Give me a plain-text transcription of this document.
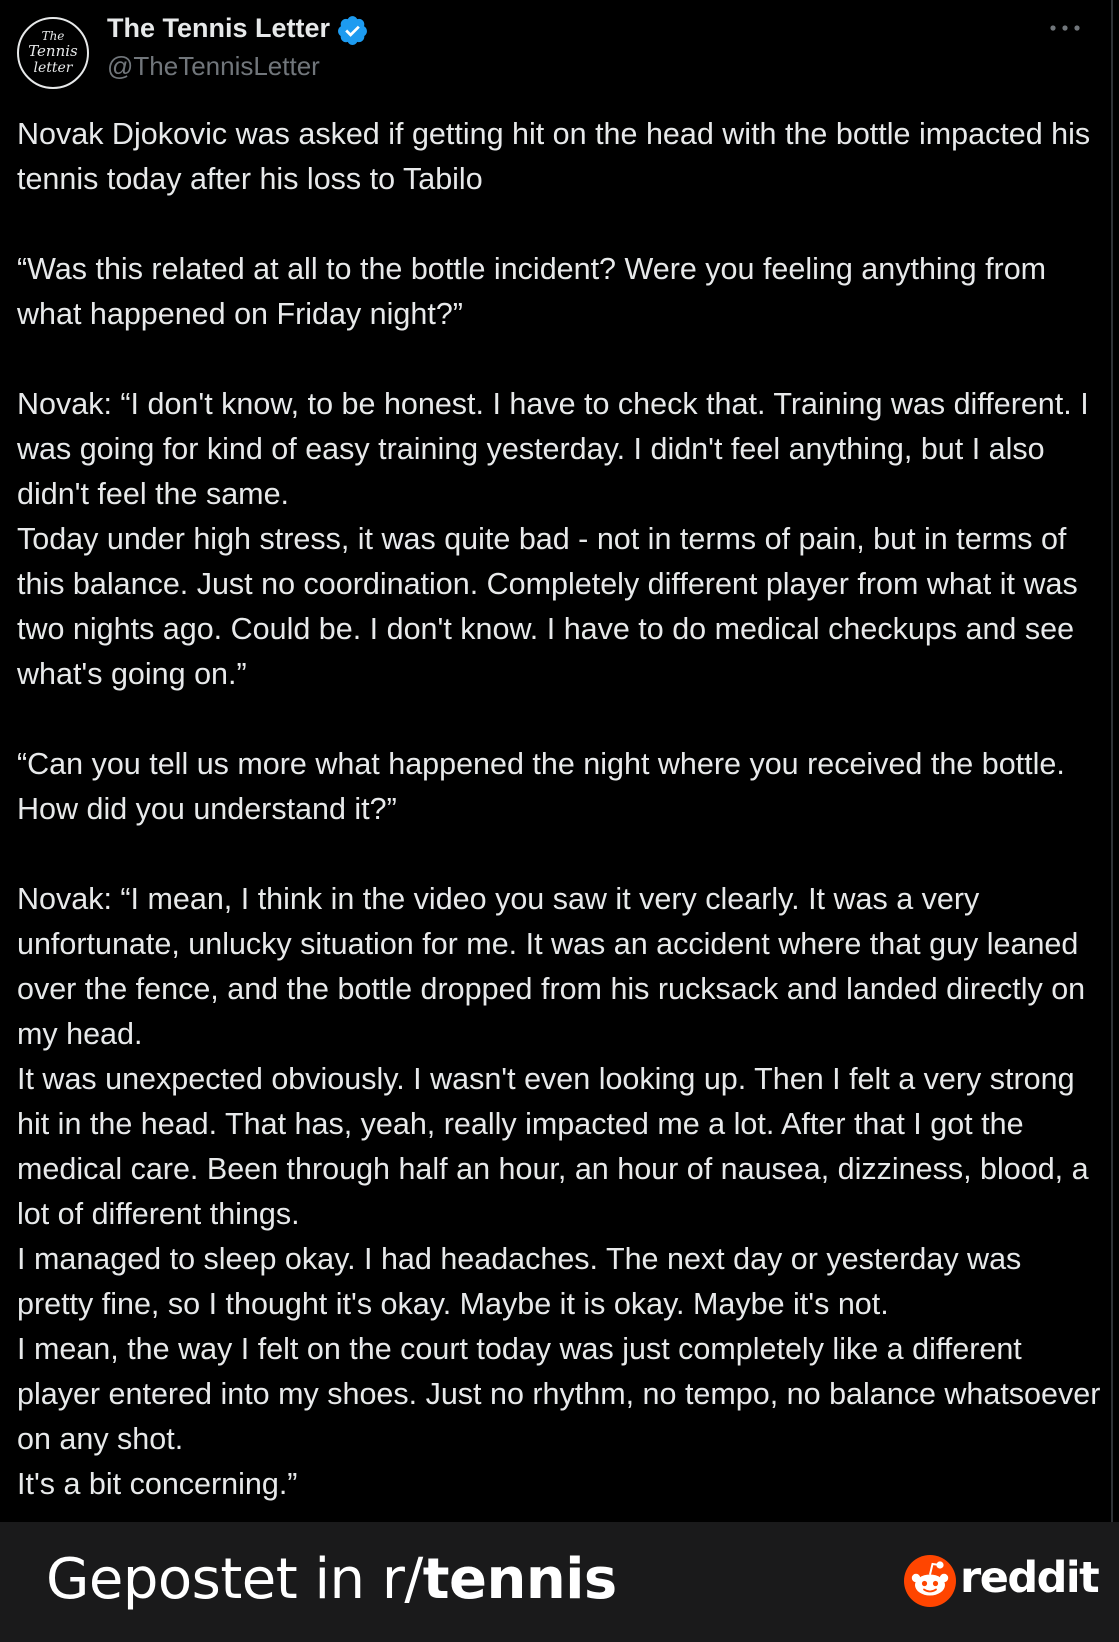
The
Tennis
letter
The Tennis Letter
@TheTennisLetter

Novak Djokovic was asked if getting hit on the head with the bottle impacted his tennis today after his loss to Tabilo

“Was this related at all to the bottle incident? Were you feeling anything from what happened on Friday night?”

Novak: “I don't know, to be honest. I have to check that. Training was different. I was going for kind of easy training yesterday. I didn't feel anything, but I also didn't feel the same.
Today under high stress, it was quite bad - not in terms of pain, but in terms of this balance. Just no coordination. Completely different player from what it was two nights ago. Could be. I don't know. I have to do medical checkups and see what's going on.”

“Can you tell us more what happened the night where you received the bottle. How did you understand it?”

Novak: “I mean, I think in the video you saw it very clearly. It was a very unfortunate, unlucky situation for me. It was an accident where that guy leaned over the fence, and the bottle dropped from his rucksack and landed directly on my head.
It was unexpected obviously. I wasn't even looking up. Then I felt a very strong hit in the head. That has, yeah, really impacted me a lot. After that I got the medical care. Been through half an hour, an hour of nausea, dizziness, blood, a lot of different things.
I managed to sleep okay. I had headaches. The next day or yesterday was pretty fine, so I thought it's okay. Maybe it is okay. Maybe it's not.
I mean, the way I felt on the court today was just completely like a different player entered into my shoes. Just no rhythm, no tempo, no balance whatsoever on any shot.
It's a bit concerning.”

Gepostet in r/tennis	reddit
